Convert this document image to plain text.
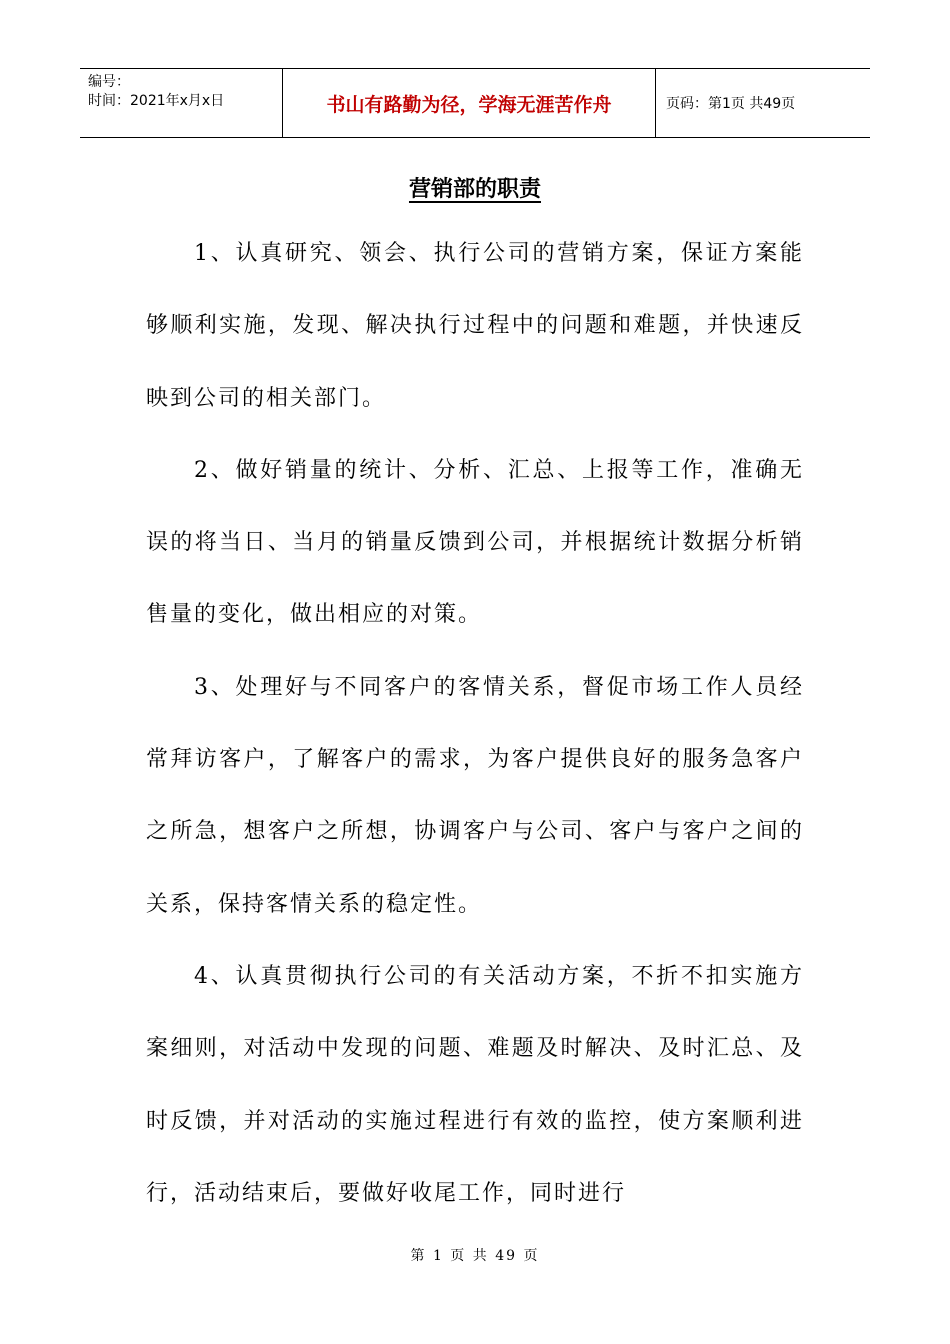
编号：
时间：2021年x月x日	书山有路勤为径，学海无涯苦作舟	页码：第1页 共49页
营销部的职责

1、认真研究、领会、执行公司的营销方案，保证方案能够顺利实施，发现、解决执行过程中的问题和难题，并快速反映到公司的相关部门。

2、做好销量的统计、分析、汇总、上报等工作，准确无误的将当日、当月的销量反馈到公司，并根据统计数据分析销售量的变化，做出相应的对策。

3、处理好与不同客户的客情关系，督促市场工作人员经常拜访客户，了解客户的需求，为客户提供良好的服务急客户之所急，想客户之所想，协调客户与公司、客户与客户之间的关系，保持客情关系的稳定性。

4、认真贯彻执行公司的有关活动方案，不折不扣实施方案细则，对活动中发现的问题、难题及时解决、及时汇总、及时反馈，并对活动的实施过程进行有效的监控，使方案顺利进行，活动结束后，要做好收尾工作，同时进行

第 1 页 共 49 页
